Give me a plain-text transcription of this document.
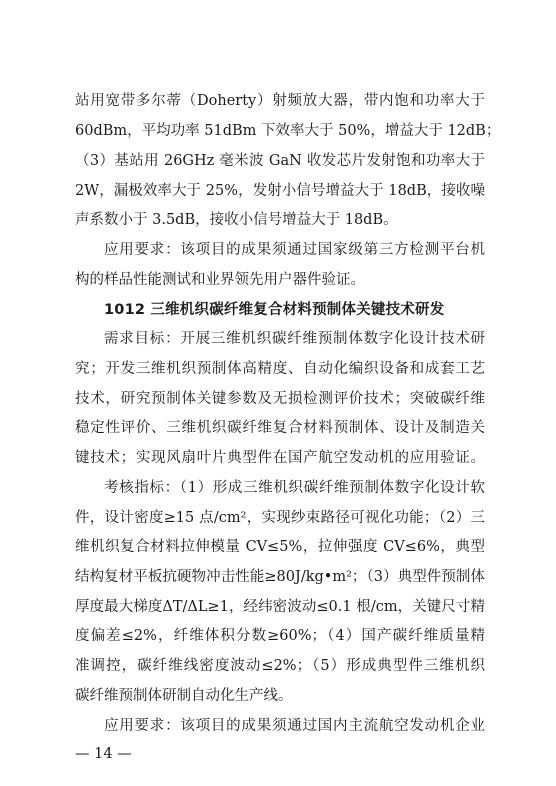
站用宽带多尔蒂（Doherty）射频放大器，带内饱和功率大于
60dBm，平均功率 51dBm 下效率大于 50%，增益大于 12dB；
（3）基站用 26GHz 毫米波 GaN 收发芯片发射饱和功率大于
2W，漏极效率大于 25%，发射小信号增益大于 18dB，接收噪
声系数小于 3.5dB，接收小信号增益大于 18dB。
应用要求：该项目的成果须通过国家级第三方检测平台机
构的样品性能测试和业界领先用户器件验证。
1012 三维机织碳纤维复合材料预制体关键技术研发
需求目标：开展三维机织碳纤维预制体数字化设计技术研
究；开发三维机织预制体高精度、自动化编织设备和成套工艺
技术，研究预制体关键参数及无损检测评价技术；突破碳纤维
稳定性评价、三维机织碳纤维复合材料预制体、设计及制造关
键技术；实现风扇叶片典型件在国产航空发动机的应用验证。
考核指标：（1）形成三维机织碳纤维预制体数字化设计软
件，设计密度≥15 点/cm²，实现纱束路径可视化功能；（2）三
维机织复合材料拉伸模量 CV≤5%，拉伸强度 CV≤6%，典型
结构复材平板抗硬物冲击性能≥80J/kg•m²；（3）典型件预制体
厚度最大梯度ΔT/ΔL≥1，经纬密波动≤0.1 根/cm，关键尺寸精
度偏差≤2%，纤维体积分数≥60%；（4）国产碳纤维质量精
准调控，碳纤维线密度波动≤2%；（5）形成典型件三维机织
碳纤维预制体研制自动化生产线。
应用要求：该项目的成果须通过国内主流航空发动机企业
— 14 —
